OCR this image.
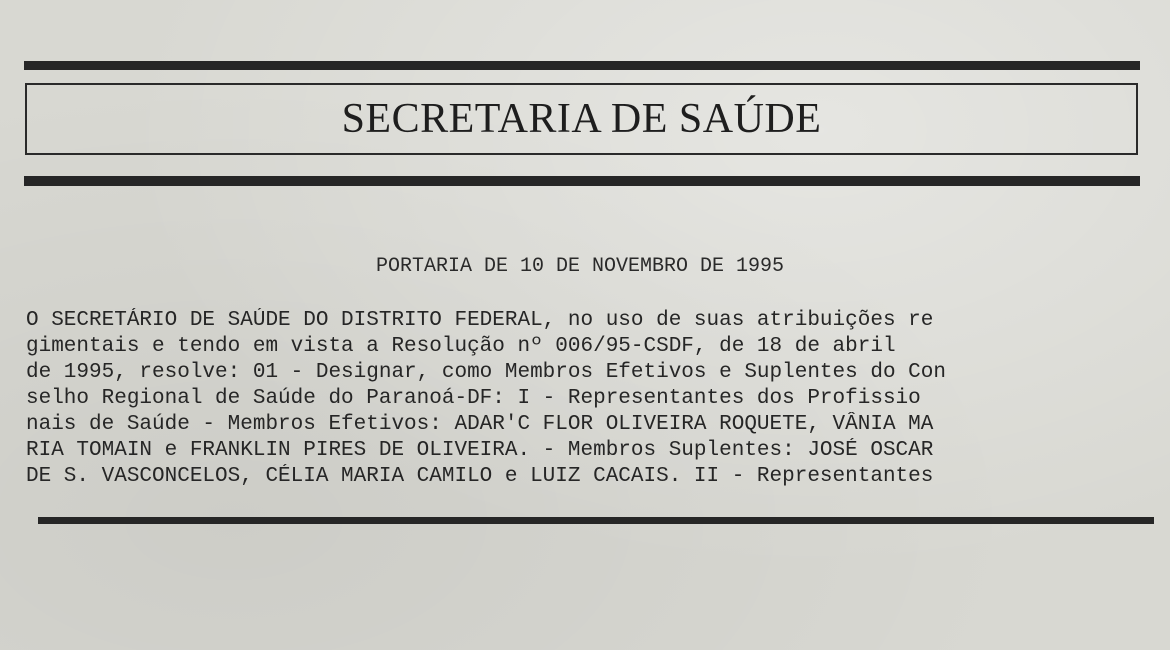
SECRETARIA DE SAÚDE
PORTARIA DE 10 DE NOVEMBRO DE 1995
O SECRETÁRIO DE SAÚDE DO DISTRITO FEDERAL, no uso de suas atribuições re
gimentais e tendo em vista a Resolução nº 006/95-CSDF, de 18 de abril
de 1995, resolve: 01 - Designar, como Membros Efetivos e Suplentes do Con
selho Regional de Saúde do Paranoá-DF: I - Representantes dos Profissio
nais de Saúde - Membros Efetivos: ADAR'C FLOR OLIVEIRA ROQUETE, VÂNIA MA
RIA TOMAIN e FRANKLIN PIRES DE OLIVEIRA. - Membros Suplentes: JOSÉ OSCAR
DE S. VASCONCELOS, CÉLIA MARIA CAMILO e LUIZ CACAIS. II - Representantes
